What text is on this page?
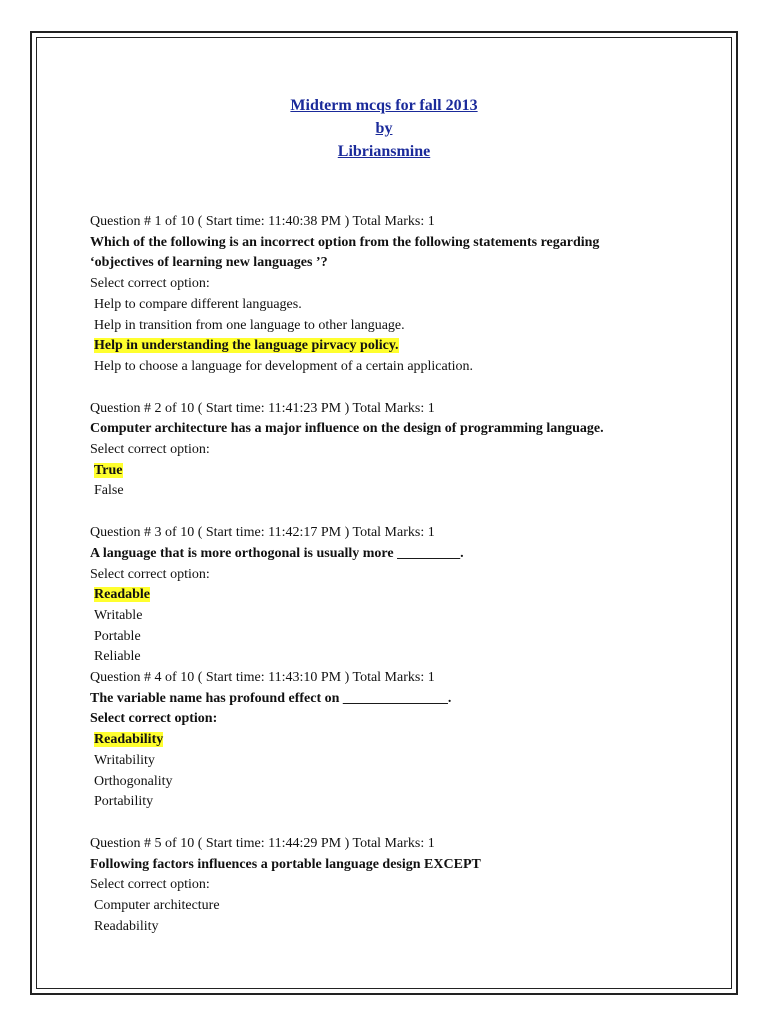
Midterm mcqs for fall 2013
by
Libriansmine
Question # 1 of 10 ( Start time: 11:40:38 PM ) Total Marks: 1
Which of the following is an incorrect option from the following statements regarding
‘objectives of learning new languages ’?
Select correct option:
Help to compare different languages.
Help in transition from one language to other language.
Help in understanding the language pirvacy policy.
Help to choose a language for development of a certain application.
Question # 2 of 10 ( Start time: 11:41:23 PM ) Total Marks: 1
Computer architecture has a major influence on the design of programming language.
Select correct option:
True
False
Question # 3 of 10 ( Start time: 11:42:17 PM ) Total Marks: 1
A language that is more orthogonal is usually more _________.
Select correct option:
Readable
Writable
Portable
Reliable
Question # 4 of 10 ( Start time: 11:43:10 PM ) Total Marks: 1
The variable name has profound effect on _______________.
Select correct option:
Readability
Writability
Orthogonality
Portability
Question # 5 of 10 ( Start time: 11:44:29 PM ) Total Marks: 1
Following factors influences a portable language design EXCEPT
Select correct option:
Computer architecture
Readability
